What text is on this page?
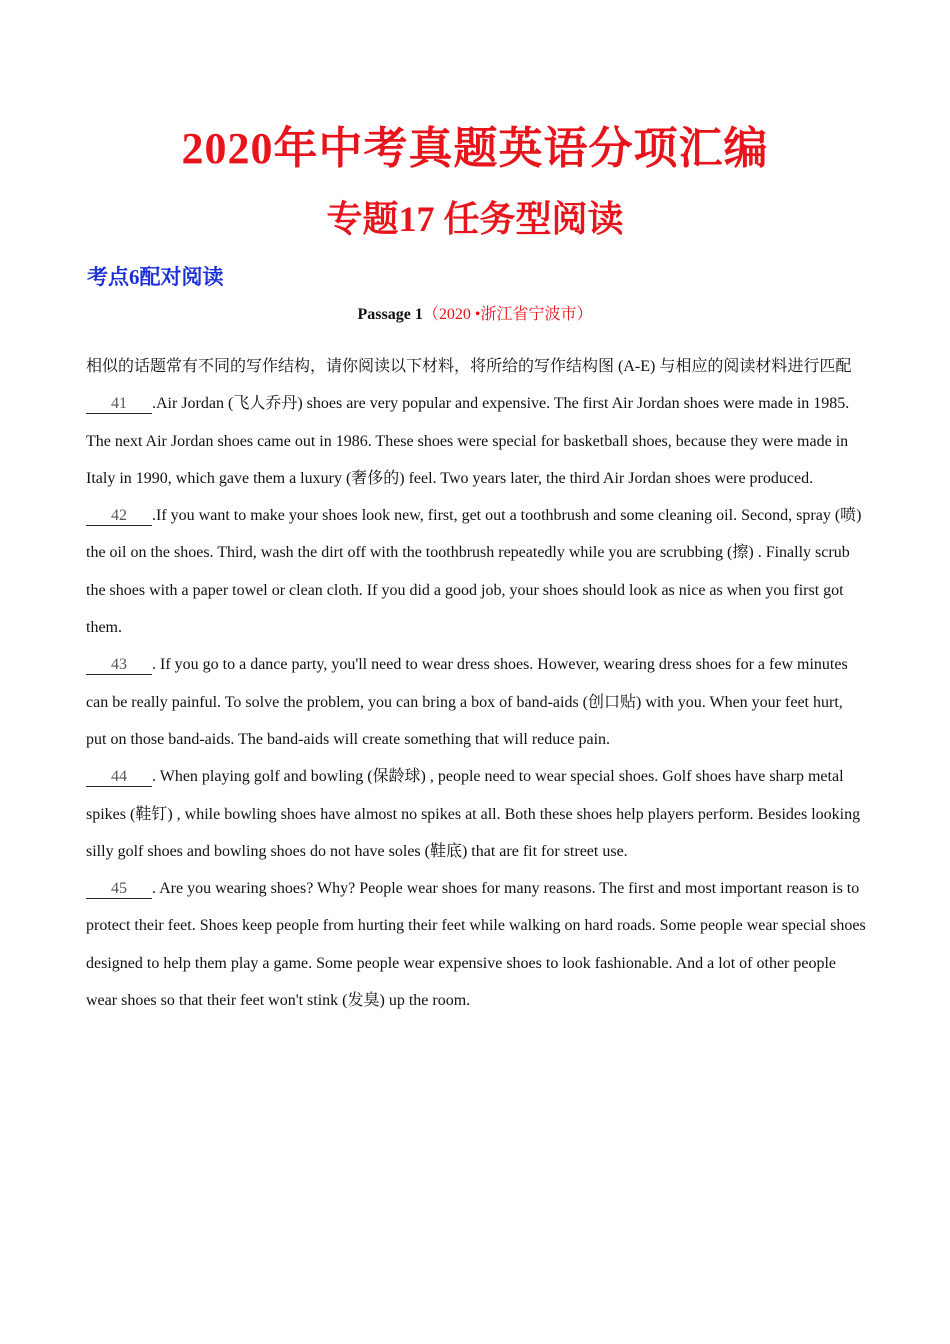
2020年中考真题英语分项汇编
专题17 任务型阅读
考点6配对阅读
Passage 1（2020 •浙江省宁波市）

相似的话题常有不同的写作结构，请你阅读以下材料，将所给的写作结构图 (A-E) 与相应的阅读材料进行匹配

41 .Air Jordan (飞人乔丹) shoes are very popular and expensive. The first Air Jordan shoes were made in 1985. The next Air Jordan shoes came out in 1986. These shoes were special for basketball shoes, because they were made in Italy in 1990, which gave them a luxury (奢侈的) feel. Two years later, the third Air Jordan shoes were produced.

42 .If you want to make your shoes look new, first, get out a toothbrush and some cleaning oil. Second, spray (喷) the oil on the shoes. Third, wash the dirt off with the toothbrush repeatedly while you are scrubbing (擦) . Finally scrub the shoes with a paper towel or clean cloth. If you did a good job, your shoes should look as nice as when you first got them.

43 . If you go to a dance party, you'll need to wear dress shoes. However, wearing dress shoes for a few minutes can be really painful. To solve the problem, you can bring a box of band-aids (创口贴) with you. When your feet hurt, put on those band-aids. The band-aids will create something that will reduce pain.

44 . When playing golf and bowling (保龄球) , people need to wear special shoes. Golf shoes have sharp metal spikes (鞋钉) , while bowling shoes have almost no spikes at all. Both these shoes help players perform. Besides looking silly golf shoes and bowling shoes do not have soles (鞋底) that are fit for street use.

45 . Are you wearing shoes? Why? People wear shoes for many reasons. The first and most important reason is to protect their feet. Shoes keep people from hurting their feet while walking on hard roads. Some people wear special shoes designed to help them play a game. Some people wear expensive shoes to look fashionable. And a lot of other people wear shoes so that their feet won't stink (发臭) up the room.
